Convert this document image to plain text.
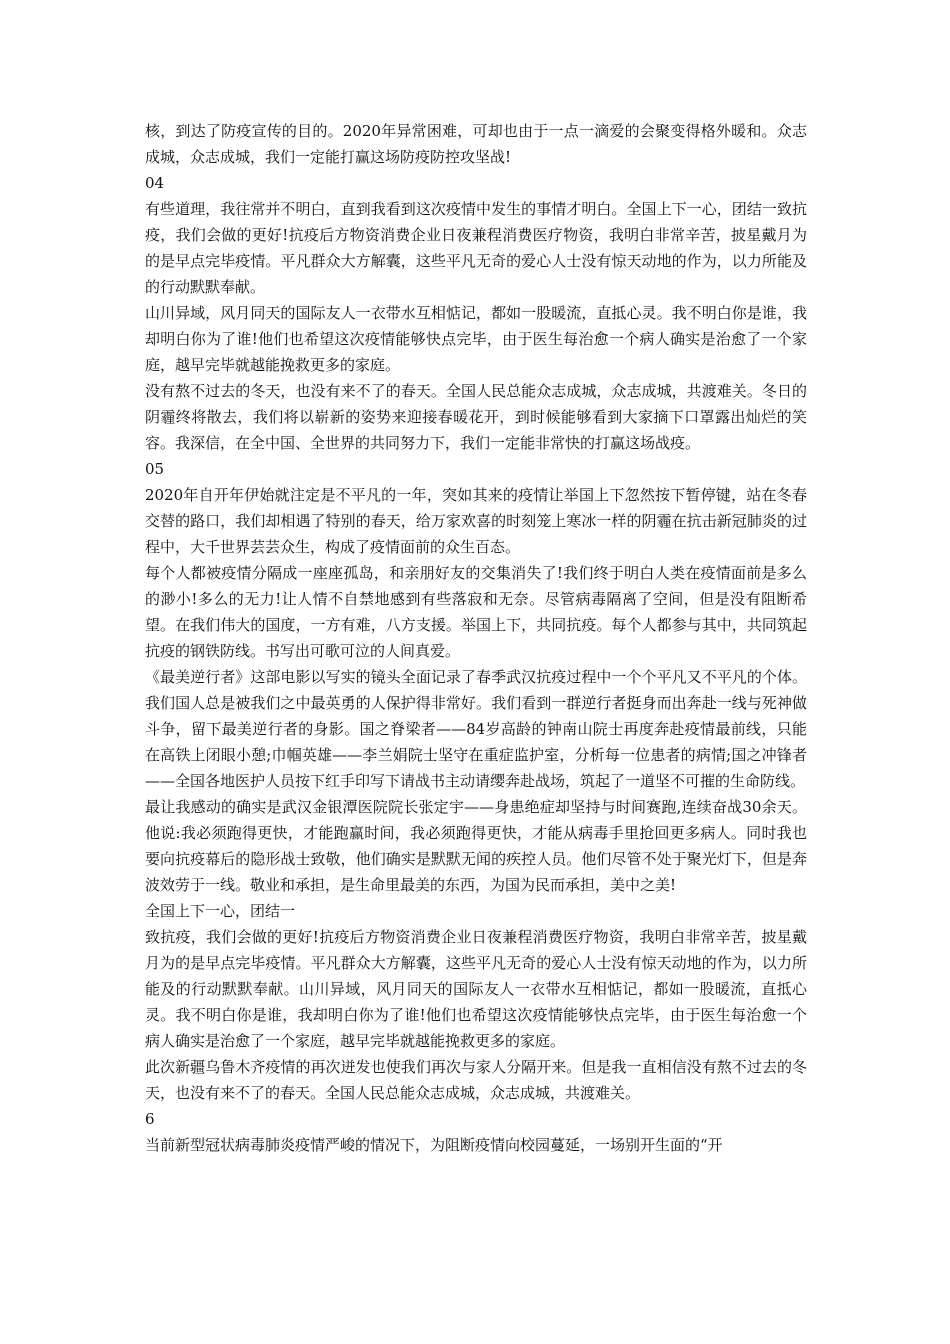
核，到达了防疫宣传的目的。2020年异常困难，可却也由于一点一滴爱的会聚变得格外暖和。众志成城，众志成城，我们一定能打赢这场防疫防控攻坚战!

04

有些道理，我往常并不明白，直到我看到这次疫情中发生的事情才明白。全国上下一心，团结一致抗疫，我们会做的更好!抗疫后方物资消费企业日夜兼程消费医疗物资，我明白非常辛苦，披星戴月为的是早点完毕疫情。平凡群众大方解囊，这些平凡无奇的爱心人士没有惊天动地的作为，以力所能及的行动默默奉献。

山川异域，风月同天的国际友人一衣带水互相惦记，都如一股暖流，直抵心灵。我不明白你是谁，我却明白你为了谁!他们也希望这次疫情能够快点完毕，由于医生每治愈一个病人确实是治愈了一个家庭，越早完毕就越能挽救更多的家庭。

没有熬不过去的冬天，也没有来不了的春天。全国人民总能众志成城，众志成城，共渡难关。冬日的阴霾终将散去，我们将以崭新的姿势来迎接春暖花开，到时候能够看到大家摘下口罩露出灿烂的笑容。我深信，在全中国、全世界的共同努力下，我们一定能非常快的打赢这场战疫。

05

2020年自开年伊始就注定是不平凡的一年，突如其来的疫情让举国上下忽然按下暂停键，站在冬春交替的路口，我们却相遇了特别的春天，给万家欢喜的时刻笼上寒冰一样的阴霾在抗击新冠肺炎的过程中，大千世界芸芸众生，构成了疫情面前的众生百态。

每个人都被疫情分隔成一座座孤岛，和亲朋好友的交集消失了!我们终于明白人类在疫情面前是多么的渺小!多么的无力!让人情不自禁地感到有些落寂和无奈。尽管病毒隔离了空间，但是没有阻断希望。在我们伟大的国度，一方有难，八方支援。举国上下，共同抗疫。每个人都参与其中，共同筑起抗疫的钢铁防线。书写出可歌可泣的人间真爱。

《最美逆行者》这部电影以写实的镜头全面记录了春季武汉抗疫过程中一个个平凡又不平凡的个体。我们国人总是被我们之中最英勇的人保护得非常好。我们看到一群逆行者挺身而出奔赴一线与死神做斗争，留下最美逆行者的身影。国之脊梁者——84岁高龄的钟南山院士再度奔赴疫情最前线，只能在高铁上闭眼小憩;巾帼英雄——李兰娟院士坚守在重症监护室，分析每一位患者的病情;国之冲锋者——全国各地医护人员按下红手印写下请战书主动请缨奔赴战场，筑起了一道坚不可摧的生命防线。

最让我感动的确实是武汉金银潭医院院长张定宇——身患绝症却坚持与时间赛跑,连续奋战30余天。他说:我必须跑得更快，才能跑赢时间，我必须跑得更快，才能从病毒手里抢回更多病人。同时我也要向抗疫幕后的隐形战士致敬，他们确实是默默无闻的疾控人员。他们尽管不处于聚光灯下，但是奔波效劳于一线。敬业和承担，是生命里最美的东西，为国为民而承担，美中之美!

全国上下一心，团结一

致抗疫，我们会做的更好!抗疫后方物资消费企业日夜兼程消费医疗物资，我明白非常辛苦，披星戴月为的是早点完毕疫情。平凡群众大方解囊，这些平凡无奇的爱心人士没有惊天动地的作为，以力所能及的行动默默奉献。山川异域，风月同天的国际友人一衣带水互相惦记，都如一股暖流，直抵心灵。我不明白你是谁，我却明白你为了谁!他们也希望这次疫情能够快点完毕，由于医生每治愈一个病人确实是治愈了一个家庭，越早完毕就越能挽救更多的家庭。

此次新疆乌鲁木齐疫情的再次迸发也使我们再次与家人分隔开来。但是我一直相信没有熬不过去的冬天，也没有来不了的春天。全国人民总能众志成城，众志成城，共渡难关。

6

当前新型冠状病毒肺炎疫情严峻的情况下，为阻断疫情向校园蔓延，一场别开生面的“开
